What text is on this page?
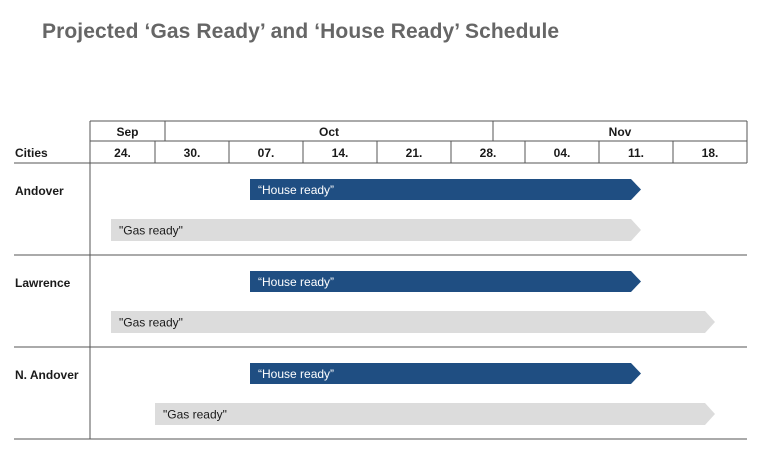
Projected ‘Gas Ready’ and ‘House Ready’ Schedule
Sep	Oct	Nov
24.	30.	07.	14.	21.	28.	04.	11.	18.
Cities
Andover	“House ready”
"Gas ready"
Lawrence	“House ready”
"Gas ready"
N. Andover	“House ready”
"Gas ready"
